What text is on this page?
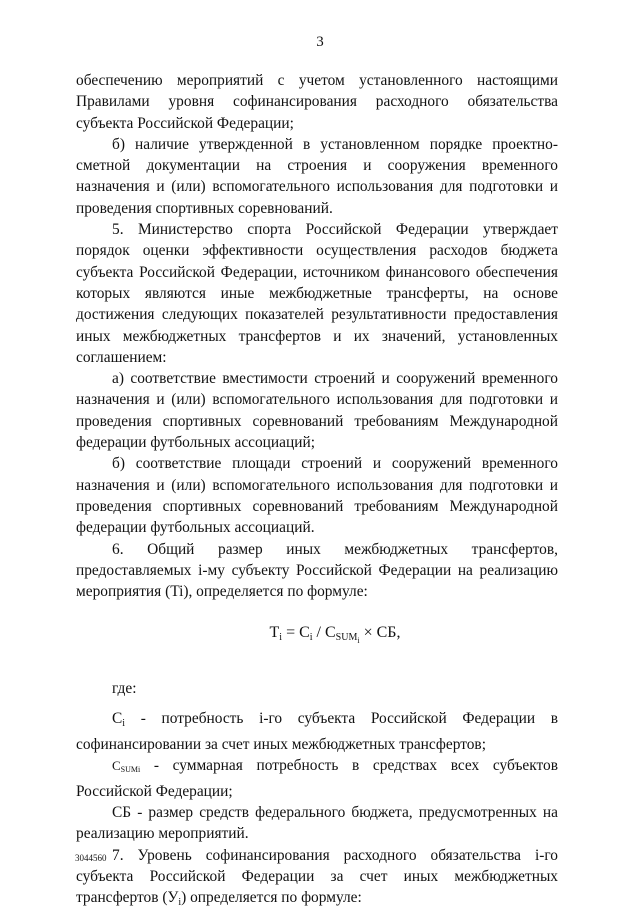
3

обеспечению мероприятий с учетом установленного настоящими Правилами уровня софинансирования расходного обязательства субъекта Российской Федерации;

б) наличие утвержденной в установленном порядке проектно-сметной документации на строения и сооружения временного назначения и (или) вспомогательного использования для подготовки и проведения спортивных соревнований.

5. Министерство спорта Российской Федерации утверждает порядок оценки эффективности осуществления расходов бюджета субъекта Российской Федерации, источником финансового обеспечения которых являются иные межбюджетные трансферты, на основе достижения следующих показателей результативности предоставления иных межбюджетных трансфертов и их значений, установленных соглашением:

а) соответствие вместимости строений и сооружений временного назначения и (или) вспомогательного использования для подготовки и проведения спортивных соревнований требованиям Международной федерации футбольных ассоциаций;

б) соответствие площади строений и сооружений временного назначения и (или) вспомогательного использования для подготовки и проведения спортивных соревнований требованиям Международной федерации футбольных ассоциаций.

6. Общий размер иных межбюджетных трансфертов, предоставляемых i-му субъекту Российской Федерации на реализацию мероприятия (Ti), определяется по формуле:

$T_i = C_i / C_{SUM_i}$ × СБ,

где:

Ci - потребность i-го субъекта Российской Федерации в софинансировании за счет иных межбюджетных трансфертов;

$C_{SUMi}$ - суммарная потребность в средствах всех субъектов Российской Федерации;

СБ - размер средств федерального бюджета, предусмотренных на реализацию мероприятий.

7. Уровень софинансирования расходного обязательства i-го субъекта Российской Федерации за счет иных межбюджетных трансфертов (Уi) определяется по формуле:

3044560
